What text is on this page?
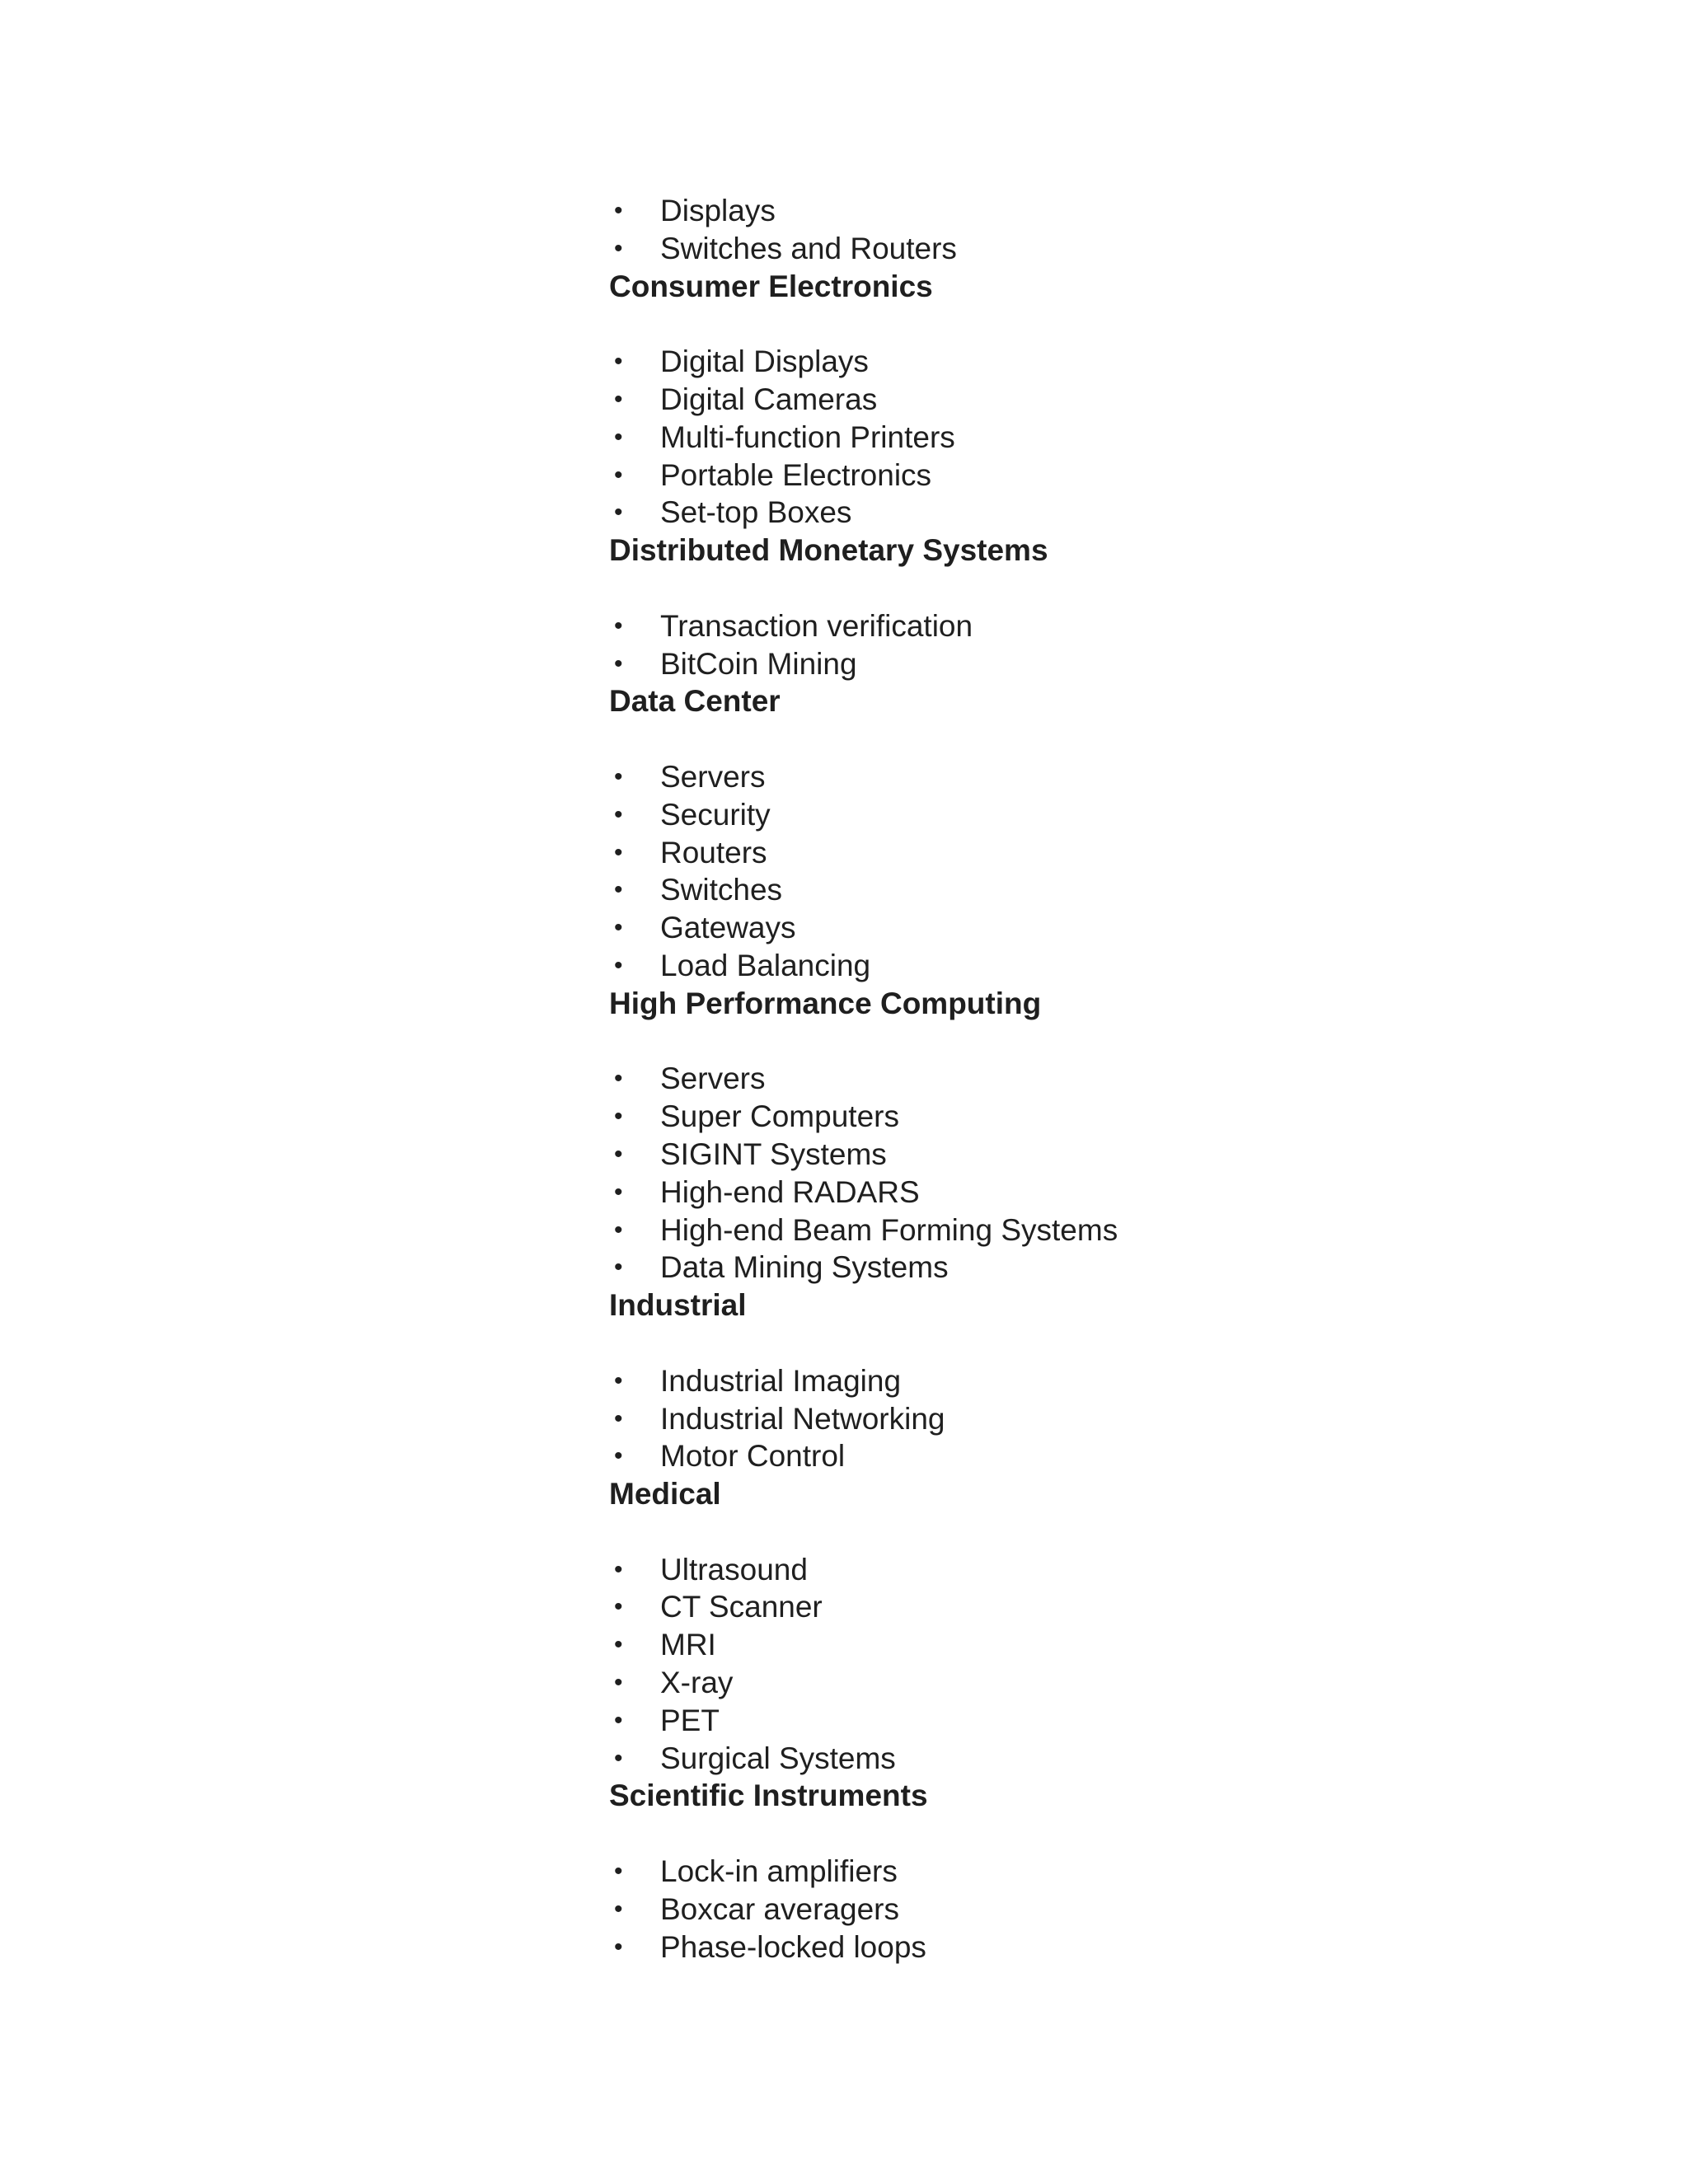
• Displays
• Switches and Routers
Consumer Electronics
• Digital Displays
• Digital Cameras
• Multi-function Printers
• Portable Electronics
• Set-top Boxes
Distributed Monetary Systems
• Transaction verification
• BitCoin Mining
Data Center
• Servers
• Security
• Routers
• Switches
• Gateways
• Load Balancing
High Performance Computing
• Servers
• Super Computers
• SIGINT Systems
• High-end RADARS
• High-end Beam Forming Systems
• Data Mining Systems
Industrial
• Industrial Imaging
• Industrial Networking
• Motor Control
Medical
• Ultrasound
• CT Scanner
• MRI
• X-ray
• PET
• Surgical Systems
Scientific Instruments
• Lock-in amplifiers
• Boxcar averagers
• Phase-locked loops
